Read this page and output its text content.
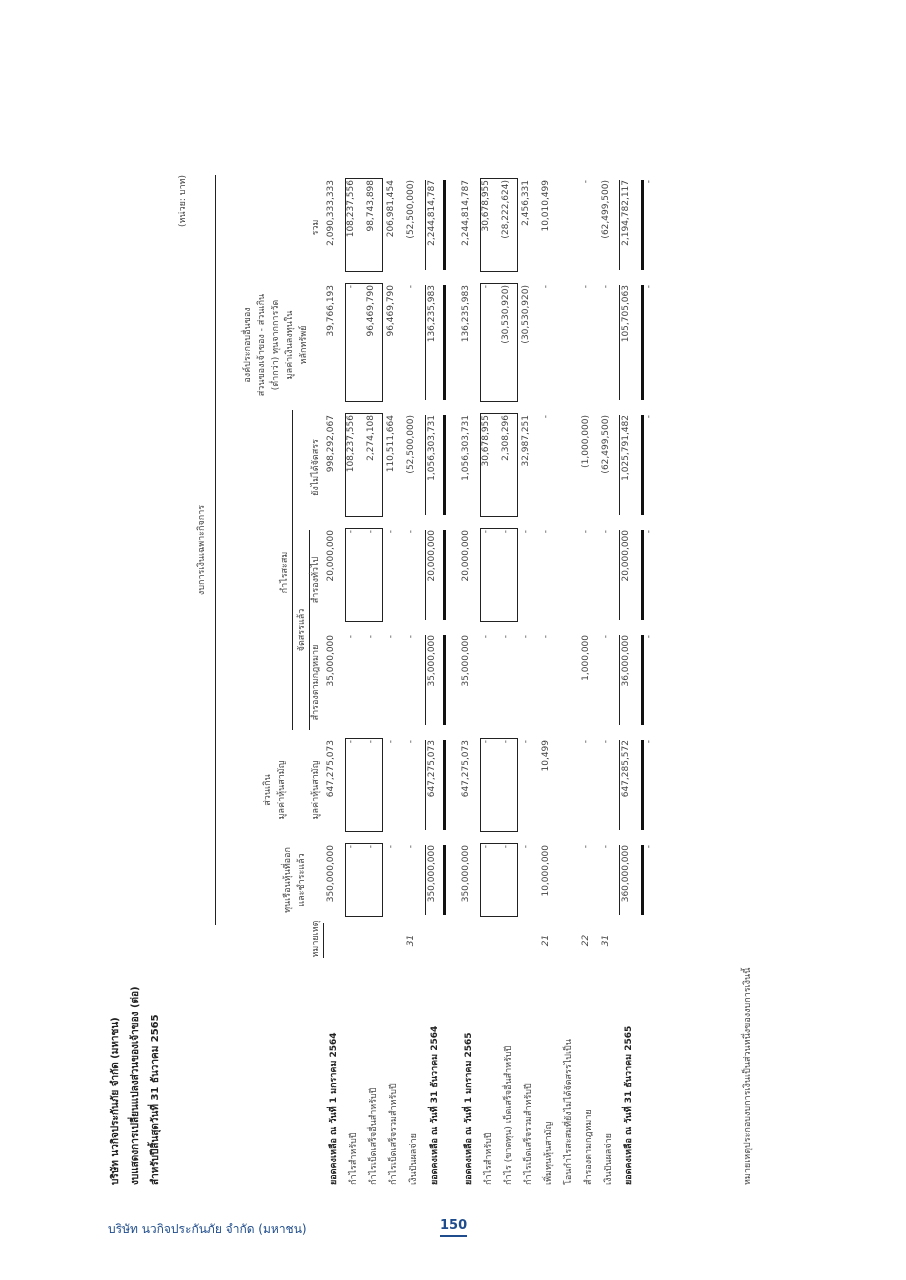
บริษัท นวกิจประกันภัย จำกัด (มหาชน) งบแสดงการเปลี่ยนแปลงส่วนของเจ้าของ (ต่อ) สำหรับปีสิ้นสุดวันที่ 31 ธันวาคม 2565
(หน่วย: บาท)
งบการเงินเฉพาะกิจการ
ส่วนเกิน มูลค่าหุ้นสามัญ
กำไรสะสม
จัดสรรแล้ว
องค์ประกอบอื่นของ ส่วนของเจ้าของ - ส่วนเกิน (ต่ำกว่า) ทุนจากการวัด มูลค่าเงินลงทุนใน
หมายเหตุ
ทุนเรือนหุ้นที่ออก และชำระแล้ว
มูลค่าหุ้นสามัญ
สำรองตามกฎหมาย
สำรองทั่วไป
ยังไม่ได้จัดสรร
หลักทรัพย์
รวม
ยอดคงเหลือ ณ วันที่ 1 มกราคม 2564
350,000,000
647,275,073
35,000,000
20,000,000
998,292,067
39,766,193
2,090,333,333
กำไรสำหรับปี
-
-
-
-
108,237,556
-
108,237,556
กำไรเบ็ดเสร็จอื่นสำหรับปี
-
-
-
-
2,274,108
96,469,790
98,743,898
กำไรเบ็ดเสร็จรวมสำหรับปี
-
-
-
-
110,511,664
96,469,790
206,981,454
เงินปันผลจ่าย
31
-
-
-
-
(52,500,000)
-
(52,500,000)
ยอดคงเหลือ ณ วันที่ 31 ธันวาคม 2564
350,000,000
647,275,073
35,000,000
20,000,000
1,056,303,731
136,235,983
2,244,814,787
ยอดคงเหลือ ณ วันที่ 1 มกราคม 2565
350,000,000
647,275,073
35,000,000
20,000,000
1,056,303,731
136,235,983
2,244,814,787
กำไรสำหรับปี
-
-
-
-
30,678,955
-
30,678,955
กำไร (ขาดทุน) เบ็ดเสร็จอื่นสำหรับปี
-
-
-
-
2,308,296
(30,530,920)
(28,222,624)
กำไรเบ็ดเสร็จรวมสำหรับปี
-
-
-
-
32,987,251
(30,530,920)
2,456,331
เพิ่มทุนหุ้นสามัญ
21
10,000,000
10,499
-
-
-
-
10,010,499
โอนกำไรสะสมที่ยังไม่ได้จัดสรรไปเป็น	สำรองตามกฎหมาย
22
-
-
1,000,000
-
(1,000,000)
-
-
เงินปันผลจ่าย
31
-
-
-
-
(62,499,500)
-
(62,499,500)
ยอดคงเหลือ ณ วันที่ 31 ธันวาคม 2565
360,000,000
647,285,572
36,000,000
20,000,000
1,025,791,482
105,705,063
2,194,782,117
-
-
-
-
-
-
-
หมายเหตุประกอบงบการเงินเป็นส่วนหนึ่งของงบการเงินนี้
บริษัท นวกิจประกันภัย จำกัด (มหาชน)	150
